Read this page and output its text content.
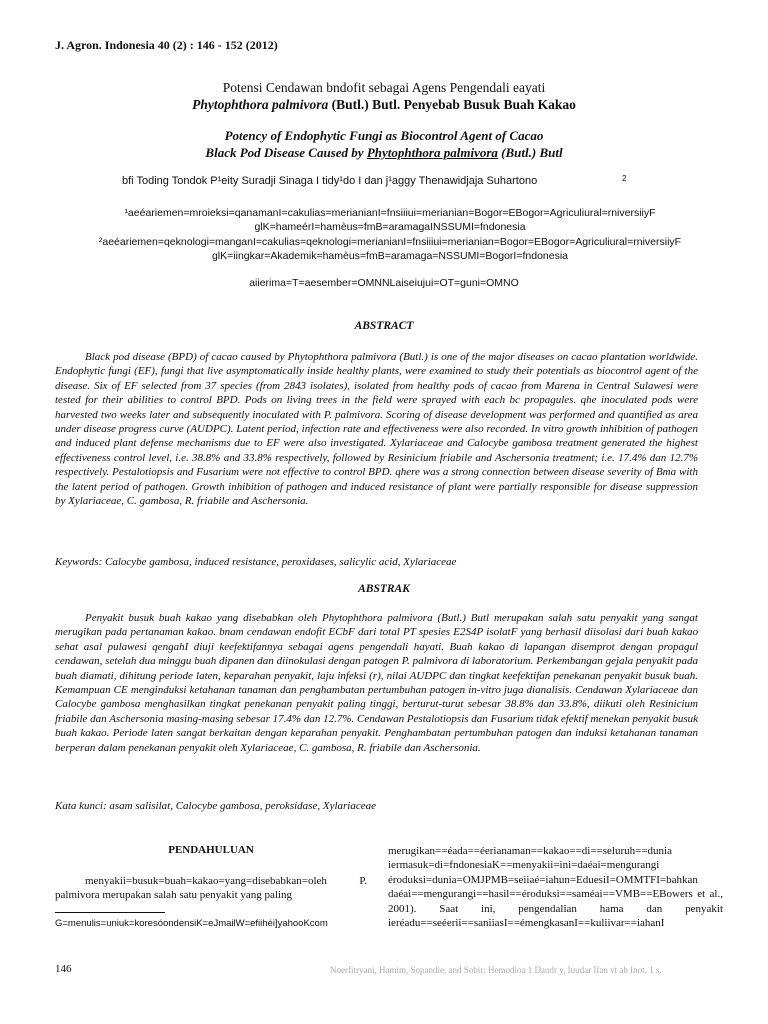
J. Agron. Indonesia 40 (2) : 146 - 152 (2012)
Potensi Cendawan bndofit sebagai Agens Pengendali eayati
Phytophthora palmivora (Butl.) Butl. Penyebab Busuk Buah Kakao
Potency of Endophytic Fungi as Biocontrol Agent of Cacao
Black Pod Disease Caused by Phytophthora palmivora (Butl.) Butl
bfi Toding Tondok P¹eity Suradji Sinaga I tidy¹do I dan j¹aggy Thenawidjaja Suhartono	2
¹aeéariemen=mroieksi=qanamanI=cakulias=merianianI=fnsiiiui=merianian=Bogor=EBogor=Agriculiural=rniversiiyF glK=hameérI=hamèus=fmB=aramagaINSSUMI=fndonesia
²aeéariemen=qeknologi=manganI=cakulias=qeknologi=merianianI=fnsiiiui=merianian=Bogor=EBogor=Agriculiural=rniversiiyF glK=iingkar=Akademik=hamèus=fmB=aramaga=NSSUMI=BogorI=fndonesia
aiierima=T=aesember=OMNNLaiseiujui=OT=guni=OMNO
ABSTRACT
Black pod disease (BPD) of cacao caused by Phytophthora palmivora (Butl.) is one of the major diseases on cacao plantation worldwide. Endophytic fungi (EF), fungi that live asymptomatically inside healthy plants, were examined to study their potentials as biocontrol agent of the disease. Six of EF selected from 37 species (from 2843 isolates), isolated from healthy pods of cacao from Marena in Central Sulawesi were tested for their abilities to control BPD. Pods on living trees in the field were sprayed with each bc propagules. qhe inoculated pods were harvested two weeks later and subsequently inoculated with P. palmivora. Scoring of disease development was performed and quantified as area under disease progress curve (AUDPC). Latent period, infection rate and effectiveness were also recorded. In vitro growth inhibition of pathogen and induced plant defense mechanisms due to EF were also investigated. Xylariaceae and Calocybe gambosa treatment generated the highest effectiveness control level, i.e. 38.8% and 33.8% respectively, followed by Resinicium friabile and Aschersonia treatment; i.e. 17.4% dan 12.7% respectively. Pestalotiopsis and Fusarium were not effective to control BPD. qhere was a strong connection between disease severity of Bma with the latent period of pathogen. Growth inhibition of pathogen and induced resistance of plant were partially responsible for disease suppression by Xylariaceae, C. gambosa, R. friabile and Aschersonia.
Keywords: Calocybe gambosa, induced resistance, peroxidases, salicylic acid, Xylariaceae
ABSTRAK
Penyakit busuk buah kakao yang disebabkan oleh Phytophthora palmivora (Butl.) Butl merupakan salah satu penyakit yang sangat merugikan pada pertanaman kakao. bnam cendawan endofit ECbF dari total PT spesies E2S4P isolatF yang berhasil diisolasi dari buah kakao sehat asal pulawesi qengahI diuji keefektifannya sebagai agens pengendali hayati. Buah kakao di lapangan disemprot dengan propagul cendawan, setelah dua minggu buah dipanen dan diinokulasi dengan patogen P. palmivora di laboratorium. Perkembangan gejala penyakit pada buah diamati, dihitung periode laten, keparahan penyakit, laju infeksi (r), nilai AUDPC dan tingkat keefektifan penekanan penyakit busuk buah. Kemampuan CE menginduksi ketahanan tanaman dan penghambatan pertumbuhan patogen in-vitro juga dianalisis. Cendawan Xylariaceae dan Calocybe gambosa menghasilkan tingkat penekanan penyakit paling tinggi, berturut-turut sebesar 38.8% dan 33.8%, diikuti oleh Resinicium friabile dan Aschersonia masing-masing sebesar 17.4% dan 12.7%. Cendawan Pestalotiopsis dan Fusarium tidak efektif menekan penyakit busuk buah kakao. Periode laten sangat berkaitan dengan keparahan penyakit. Penghambatan pertumbuhan patogen dan induksi ketahanan tanaman berperan dalam penekanan penyakit oleh Xylariaceae, C. gambosa, R. friabile dan Aschersonia.
Kata kunci: asam salisilat, Calocybe gambosa, peroksidase, Xylariaceae
PENDAHULUAN
menyakii=busuk=buah=kakao=yang=disebabkan=oleh P. palmivora merupakan salah satu penyakit yang paling
G=menulis=uniuk=koresóondensiK=eJmailW=efiihéi]yahooKcom
merugikan==éada==éerianaman==kakao==di==seluruh==dunia iermasuk=di=fndonesiaK==menyakii=ini=daéai=mengurangi éroduksi=dunia=OMJPMB=seiiaé=iahun=EduesiI=OMMTFI=bahkan daéai==mengurangi==hasil==éroduksi==saméai==VMB==EBowers et al., 2001). Saat ini, pengendalian hama dan penyakit ieréadu==seéerii==saniiasI==émengkasanI==kuliivar==iahanI
146	Noerfitryani, Hamim, Sopandie, and Sobir: Hemodioa 1 Daudr y, Iuudar Ifan vt ah Inot, 1 s.
